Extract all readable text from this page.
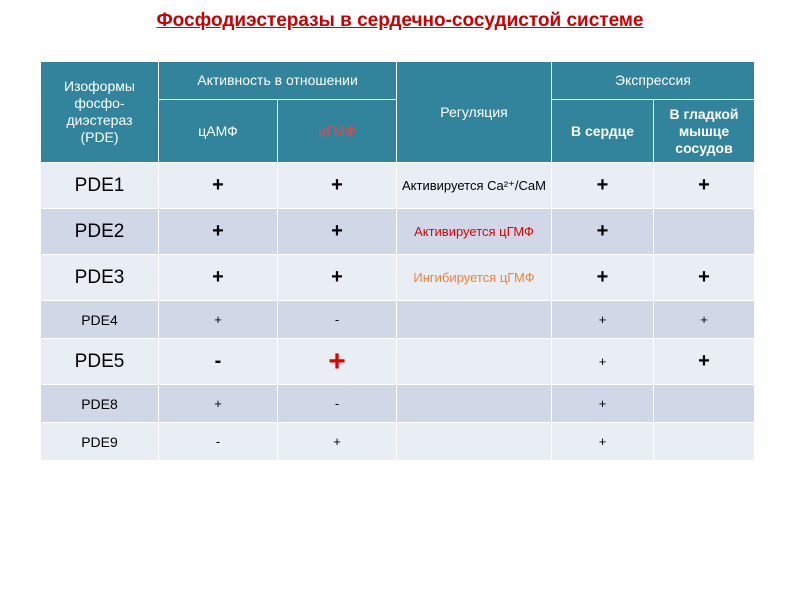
Фосфодиэстеразы в сердечно-сосудистой системе
Изоформы фосфо-диэстераз (PDE)	Активность в отношении		Регуляция	Экспрессия	
	цАМФ	цГМФ		В сердце	В гладкой мышце сосудов
PDE1	+	+	Активируется Ca²⁺/CaM	+	+
PDE2	+	+	Активируется цГМФ	+	
PDE3	+	+	Ингибируется цГМФ	+	+
PDE4	+	-		+	+
PDE5	-	+		+	+
PDE8	+	-		+	
PDE9	-	+		+	
